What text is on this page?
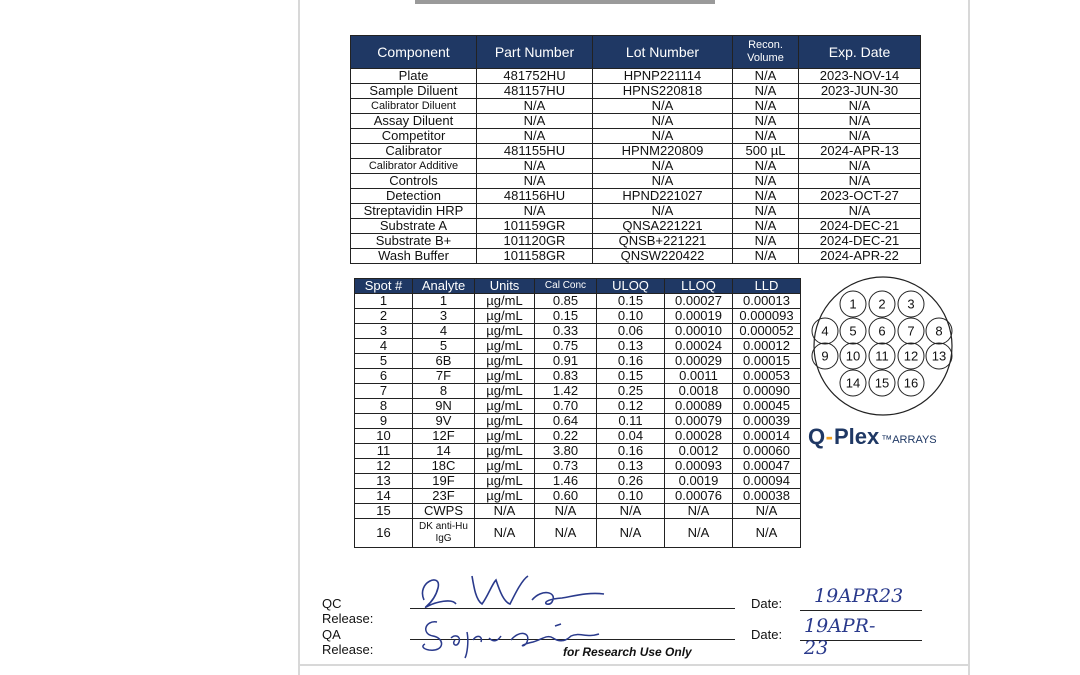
Component	Part Number	Lot Number	Recon. Volume	Exp. Date
Plate	481752HU	HPNP221114	N/A	2023-NOV-14
Sample Diluent	481157HU	HPNS220818	N/A	2023-JUN-30
Calibrator Diluent	N/A	N/A	N/A	N/A
Assay Diluent	N/A	N/A	N/A	N/A
Competitor	N/A	N/A	N/A	N/A
Calibrator	481155HU	HPNM220809	500 µL	2024-APR-13
Calibrator Additive	N/A	N/A	N/A	N/A
Controls	N/A	N/A	N/A	N/A
Detection	481156HU	HPND221027	N/A	2023-OCT-27
Streptavidin HRP	N/A	N/A	N/A	N/A
Substrate A	101159GR	QNSA221221	N/A	2024-DEC-21
Substrate B+	101120GR	QNSB+221221	N/A	2024-DEC-21
Wash Buffer	101158GR	QNSW220422	N/A	2024-APR-22
Spot #	Analyte	Units	Cal Conc	ULOQ	LLOQ	LLD
1	1	µg/mL	0.85	0.15	0.00027	0.00013
2	3	µg/mL	0.15	0.10	0.00019	0.000093
3	4	µg/mL	0.33	0.06	0.00010	0.000052
4	5	µg/mL	0.75	0.13	0.00024	0.00012
5	6B	µg/mL	0.91	0.16	0.00029	0.00015
6	7F	µg/mL	0.83	0.15	0.0011	0.00053
7	8	µg/mL	1.42	0.25	0.0018	0.00090
8	9N	µg/mL	0.70	0.12	0.00089	0.00045
9	9V	µg/mL	0.64	0.11	0.00079	0.00039
10	12F	µg/mL	0.22	0.04	0.00028	0.00014
11	14	µg/mL	3.80	0.16	0.0012	0.00060
12	18C	µg/mL	0.73	0.13	0.00093	0.00047
13	19F	µg/mL	1.46	0.26	0.0019	0.00094
14	23F	µg/mL	0.60	0.10	0.00076	0.00038
15	CWPS	N/A	N/A	N/A	N/A	N/A
16	DK anti-Hu IgG	N/A	N/A	N/A	N/A	N/A
1 2 3
4 5 6 7 8
9 10 11 12 13
14 15 16
Q - Plex ™ARRAYS
QC Release:
Date: 19APR23
QA Release:
Date: 19APR-23
for Research Use Only
